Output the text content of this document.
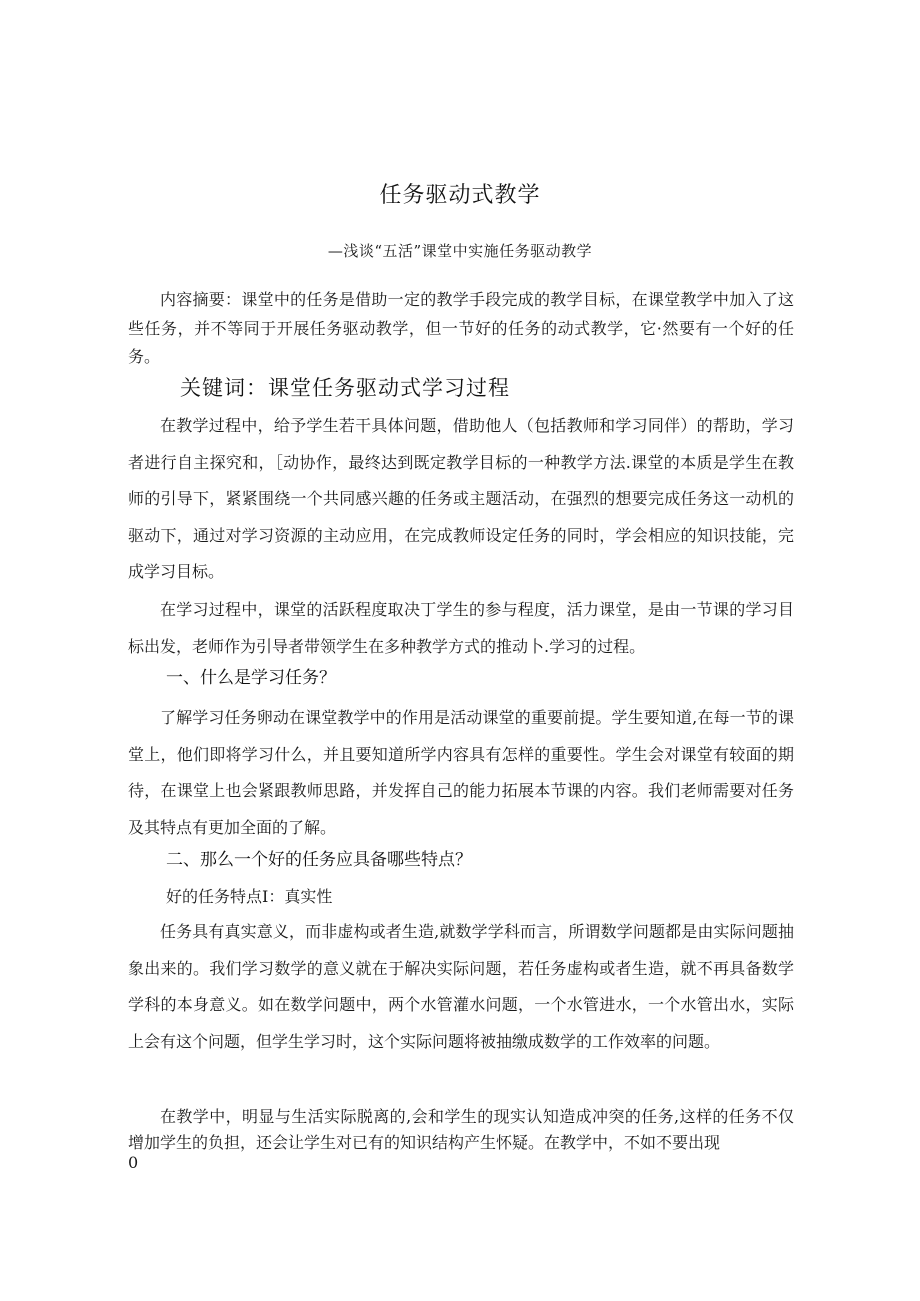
任务驱动式教学
—浅谈“五活”课堂中实施任务驱动教学
内容摘要：课堂中的任务是借助一定的教学手段完成的教学目标，在课堂教学中加入了这些任务，并不等同于开展任务驱动教学，但一节好的任务的动式教学，它·然要有一个好的任务。
关键词：课堂任务驱动式学习过程
在教学过程中，给予学生若干具体问题，借助他人（包括教师和学习同伴）的帮助，学习者进行自主探究和，［动协作，最终达到既定教学目标的一种教学方法.课堂的本质是学生在教师的引导下，紧紧围绕一个共同感兴趣的任务或主题活动，在强烈的想要完成任务这一动机的驱动下，通过对学习资源的主动应用，在完成教师设定任务的同时，学会相应的知识技能，完成学习目标。
在学习过程中，课堂的活跃程度取决丁学生的参与程度，活力课堂，是由一节课的学习目标出发，老师作为引导者带领学生在多种教学方式的推动卜.学习的过程。
一、什么是学习任务？
了解学习任务卵动在课堂教学中的作用是活动课堂的重要前提。学生要知道,在每一节的课堂上，他们即将学习什么，并且要知道所学内容具有怎样的重要性。学生会对课堂有较面的期待，在课堂上也会紧跟教师思路，并发挥自己的能力拓展本节课的内容。我们老师需要对任务及其特点有更加全面的了解。
二、那么一个好的任务应具备哪些特点？
好的任务特点I：真实性
任务具有真实意义，而非虚构或者生造,就数学学科而言，所谓数学问题都是由实际问题抽象出来的。我们学习数学的意义就在于解决实际问题，若任务虚构或者生造，就不再具备数学学科的本身意义。如在数学问题中，两个水管灌水问题，一个水管进水，一个水管出水，实际上会有这个问题，但学生学习时，这个实际问题将被抽缴成数学的工作效率的问题。
在教学中，明显与生活实际脱离的,会和学生的现实认知造成冲突的任务,这样的任务不仅增加学生的负担，还会让学生对已有的知识结构产生怀疑。在教学中，不如不要出现
0
